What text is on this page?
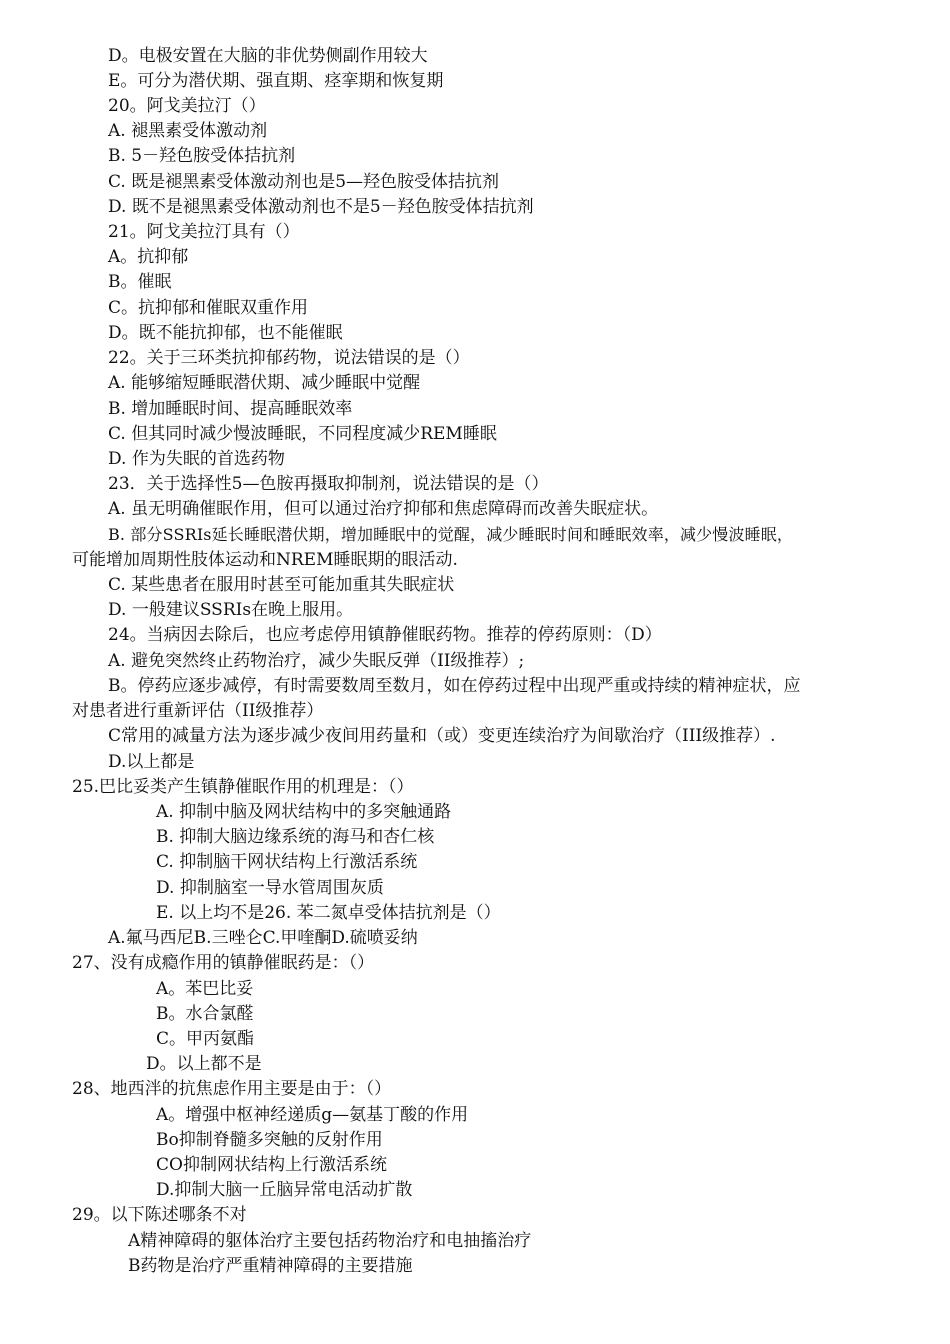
D。电极安置在大脑的非优势侧副作用较大
E。可分为潜伏期、强直期、痉挛期和恢复期
20。阿戈美拉汀（）
A. 褪黑素受体激动剂
B. 5－羟色胺受体拮抗剂
C. 既是褪黑素受体激动剂也是5—羟色胺受体拮抗剂
D. 既不是褪黑素受体激动剂也不是5－羟色胺受体拮抗剂
21。阿戈美拉汀具有（）
A。抗抑郁
B。催眠
C。抗抑郁和催眠双重作用
D。既不能抗抑郁，也不能催眠
22。关于三环类抗抑郁药物，说法错误的是（）
A. 能够缩短睡眠潜伏期、减少睡眠中觉醒
B. 增加睡眠时间、提高睡眠效率
C. 但其同时减少慢波睡眠，不同程度减少REM睡眠
D. 作为失眠的首选药物
23．关于选择性5—色胺再摄取抑制剂，说法错误的是（）
A. 虽无明确催眠作用，但可以通过治疗抑郁和焦虑障碍而改善失眠症状。
B. 部分SSRIs延长睡眠潜伏期，增加睡眠中的觉醒，减少睡眠时间和睡眠效率，减少慢波睡眠，
可能增加周期性肢体运动和NREM睡眠期的眼活动.
C. 某些患者在服用时甚至可能加重其失眠症状
D. 一般建议SSRIs在晚上服用。
24。当病因去除后，也应考虑停用镇静催眠药物。推荐的停药原则：（D）
A. 避免突然终止药物治疗，减少失眠反弹（II级推荐）;
B。停药应逐步减停，有时需要数周至数月，如在停药过程中出现严重或持续的精神症状，应
对患者进行重新评估（II级推荐）
C常用的减量方法为逐步减少夜间用药量和（或）变更连续治疗为间歇治疗（III级推荐）.
D.以上都是
25.巴比妥类产生镇静催眠作用的机理是：（）
A. 抑制中脑及网状结构中的多突触通路
B. 抑制大脑边缘系统的海马和杏仁核
C. 抑制脑干网状结构上行激活系统
D. 抑制脑室一导水管周围灰质
E. 以上均不是26. 苯二氮卓受体拮抗剂是（）
A.氟马西尼B.三唑仑C.甲喹酮D.硫喷妥纳
27、没有成瘾作用的镇静催眠药是：（）
A。苯巴比妥
B。水合氯醛
C。甲丙氨酯
D。以上都不是
28、地西泮的抗焦虑作用主要是由于：（）
A。增强中枢神经递质g—氨基丁酸的作用
Bo抑制脊髓多突触的反射作用
CO抑制网状结构上行激活系统
D.抑制大脑一丘脑异常电活动扩散
29。以下陈述哪条不对
A精神障碍的躯体治疗主要包括药物治疗和电抽搐治疗
B药物是治疗严重精神障碍的主要措施
